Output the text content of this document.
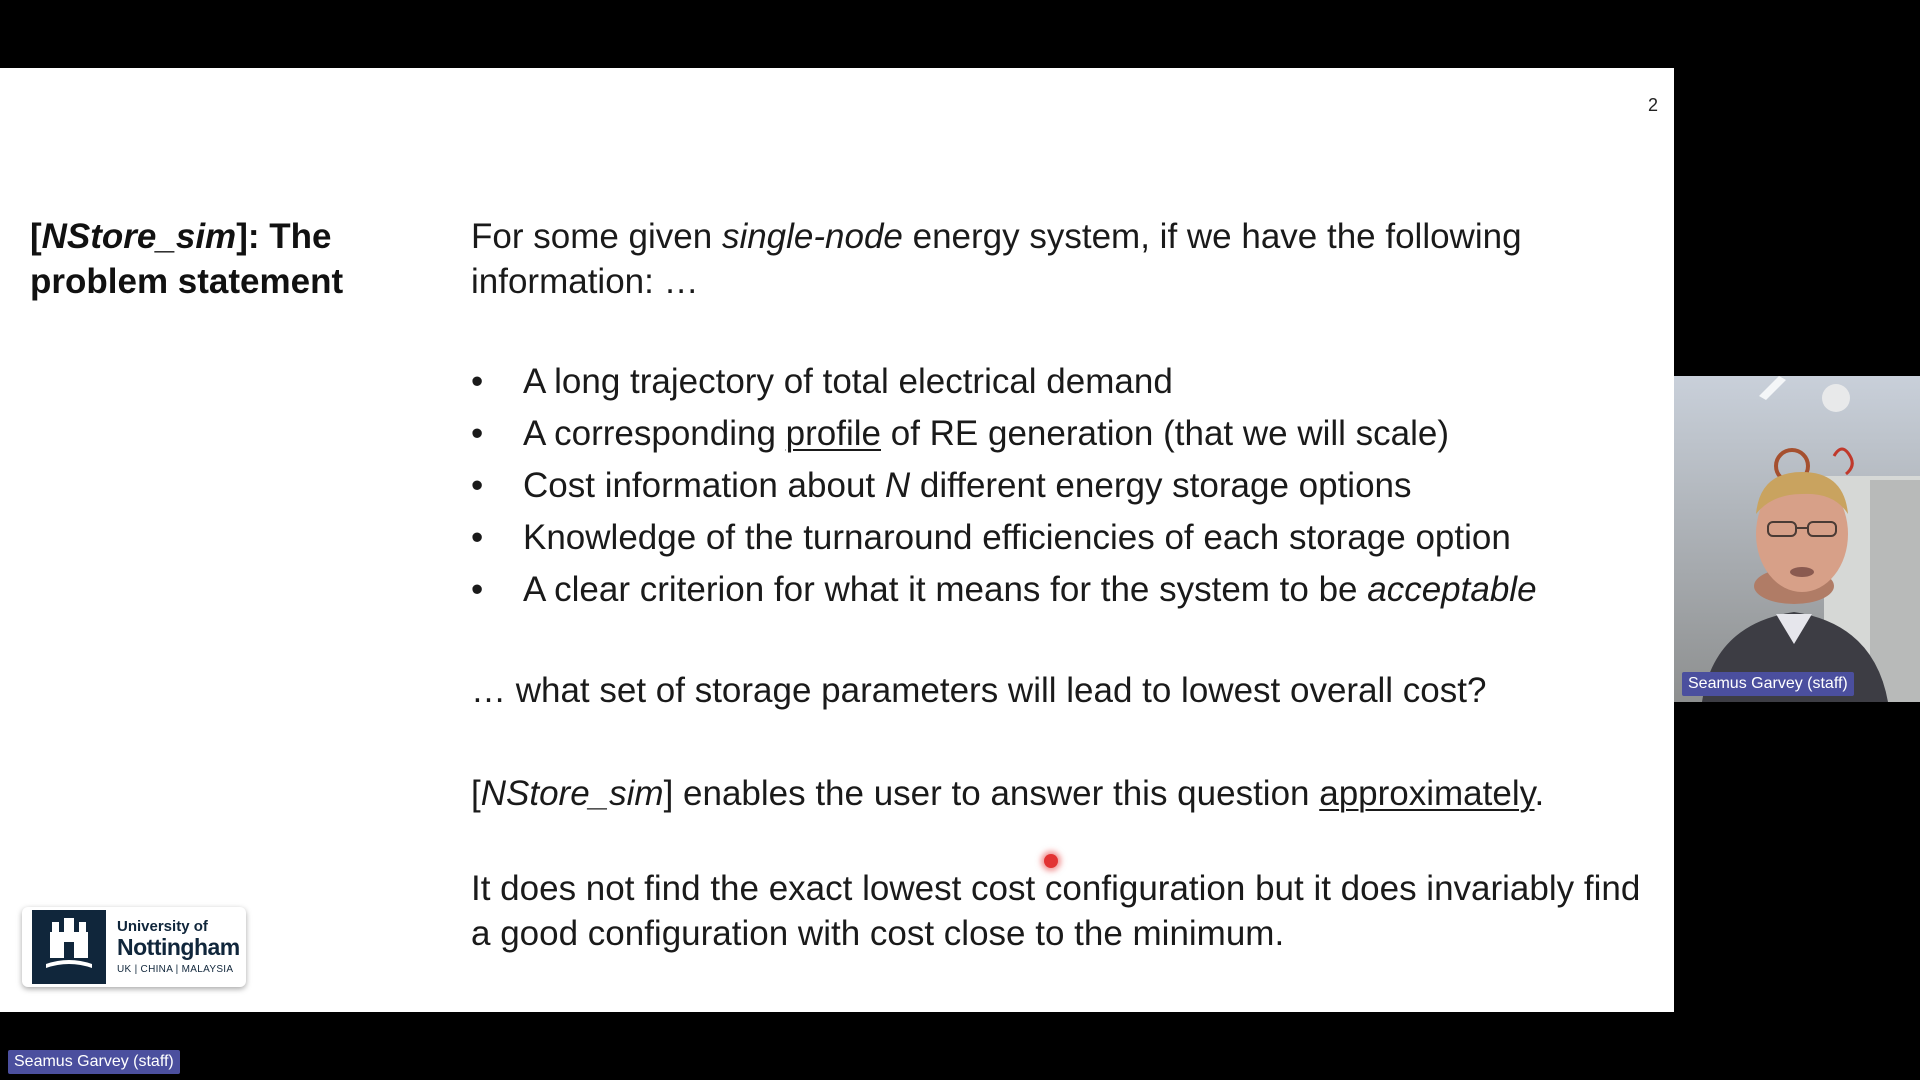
2
[NStore_sim]: The problem statement

For some given single-node energy system, if we have the following information: …

• A long trajectory of total electrical demand
• A corresponding profile of RE generation (that we will scale)
• Cost information about N different energy storage options
• Knowledge of the turnaround efficiencies of each storage option
• A clear criterion for what it means for the system to be acceptable

… what set of storage parameters will lead to lowest overall cost?

[NStore_sim] enables the user to answer this question approximately.

It does not find the exact lowest cost configuration but it does invariably find a good configuration with cost close to the minimum.

University of
Nottingham
UK | CHINA | MALAYSIA
Seamus Garvey (staff)
Seamus Garvey (staff)
